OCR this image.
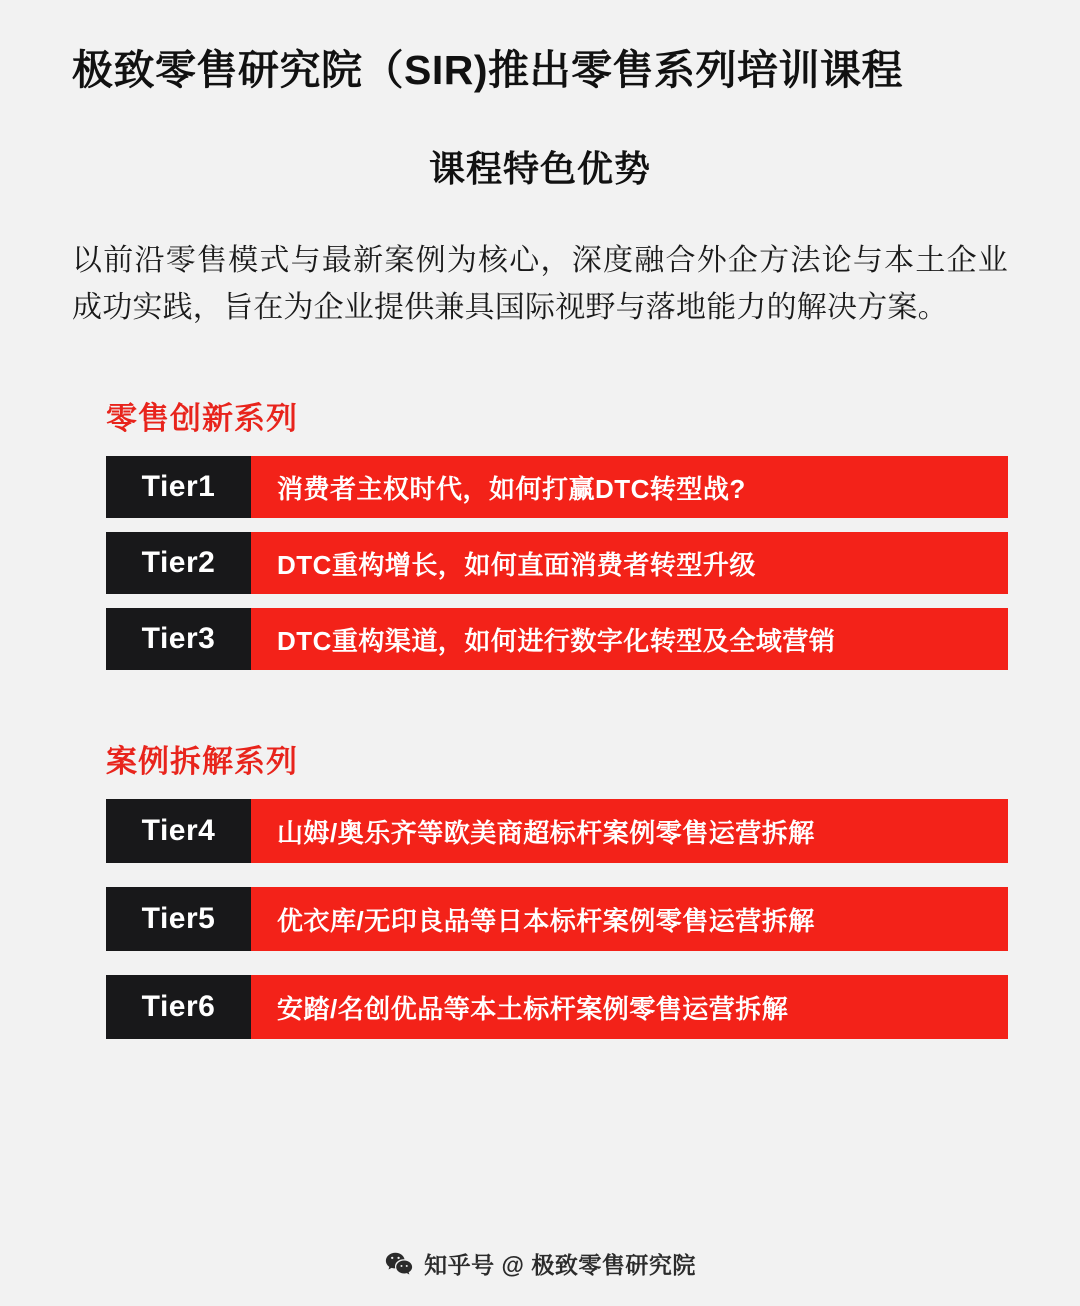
极致零售研究院（SIR)推出零售系列培训课程
课程特色优势

以前沿零售模式与最新案例为核心，深度融合外企方法论与本土企业成功实践，旨在为企业提供兼具国际视野与落地能力的解决方案。

零售创新系列
Tier1	消费者主权时代，如何打赢DTC转型战?
Tier2	DTC重构增长，如何直面消费者转型升级
Tier3	DTC重构渠道，如何进行数字化转型及全域营销
案例拆解系列
Tier4	山姆/奥乐齐等欧美商超标杆案例零售运营拆解
Tier5	优衣库/无印良品等日本标杆案例零售运营拆解
Tier6	安踏/名创优品等本土标杆案例零售运营拆解
知乎号 @ 极致零售研究院
